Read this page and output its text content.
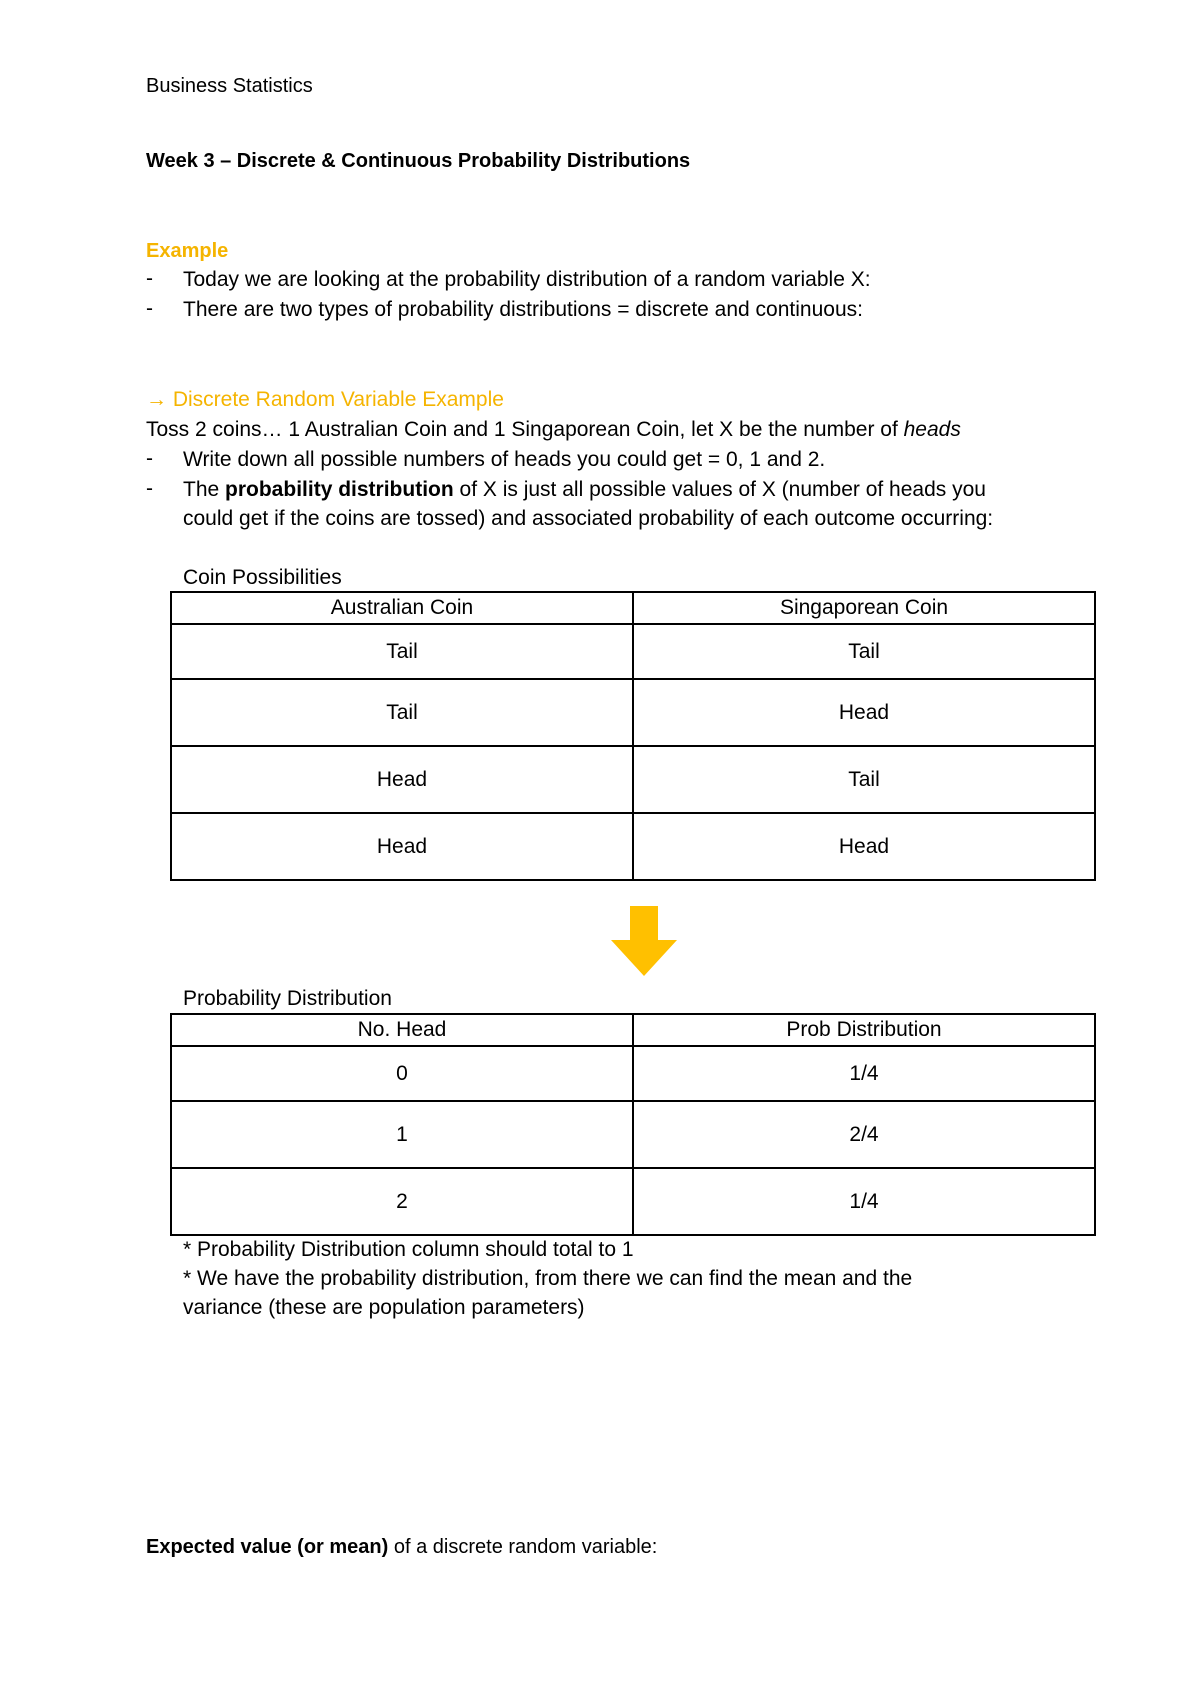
Business Statistics
Week 3 – Discrete & Continuous Probability Distributions
Example
- Today we are looking at the probability distribution of a random variable X:
- There are two types of probability distributions = discrete and continuous:
→ Discrete Random Variable Example
Toss 2 coins… 1 Australian Coin and 1 Singaporean Coin, let X be the number of heads
- Write down all possible numbers of heads you could get = 0, 1 and 2.
- The probability distribution of X is just all possible values of X (number of heads you
could get if the coins are tossed) and associated probability of each outcome occurring:
Coin Possibilities
Australian Coin	Singaporean Coin
Tail	Tail
Tail	Head
Head	Tail
Head	Head
Probability Distribution
No. Head	Prob Distribution
0	1/4
1	2/4
2	1/4
* Probability Distribution column should total to 1
* We have the probability distribution, from there we can find the mean and the
variance (these are population parameters)
Expected value (or mean) of a discrete random variable:
